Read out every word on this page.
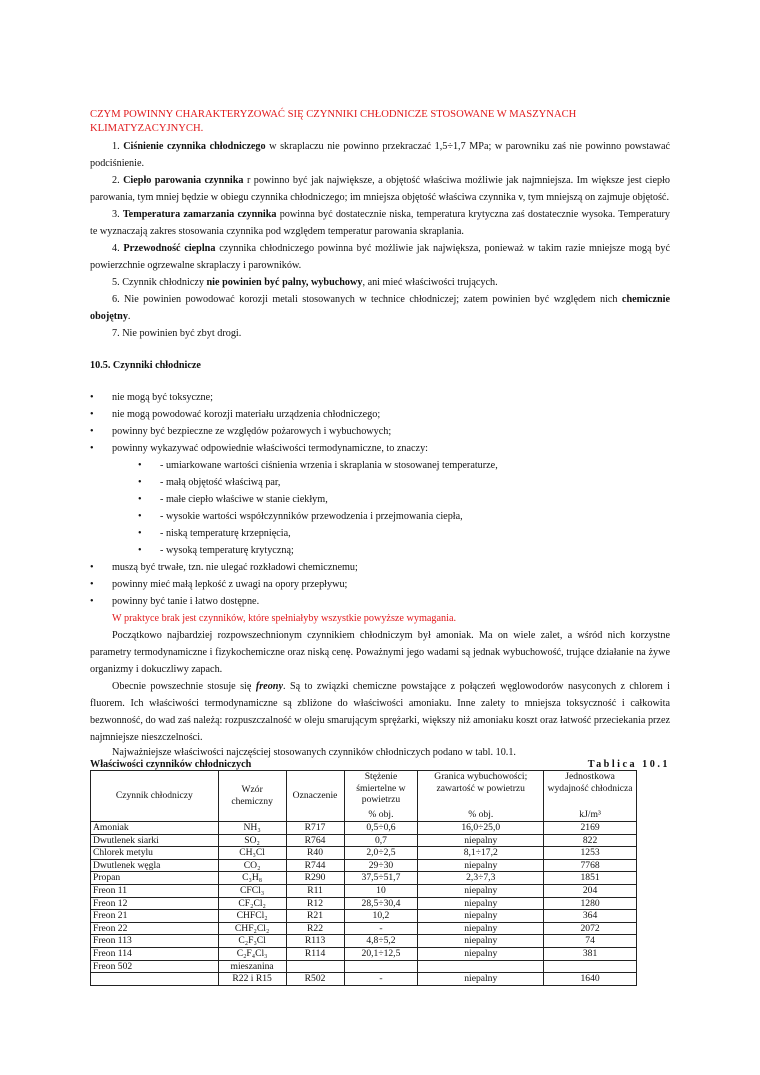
CZYM POWINNY CHARAKTERYZOWAĆ SIĘ CZYNNIKI CHŁODNICZE STOSOWANE W MASZYNACH KLIMATYZACYJNYCH.

1. Ciśnienie czynnika chłodniczego w skraplaczu nie powinno przekraczać 1,5÷1,7 MPa; w parowniku zaś nie powinno powstawać podciśnienie.

2. Ciepło parowania czynnika r powinno być jak największe, a objętość właściwa możliwie jak najmniejsza. Im większe jest ciepło parowania, tym mniej będzie w obiegu czynnika chłodniczego; im mniejsza objętość właściwa czynnika v, tym mniejszą on zajmuje objętość.

3. Temperatura zamarzania czynnika powinna być dostatecznie niska, temperatura krytyczna zaś dostatecznie wysoka. Temperatury te wyznaczają zakres stosowania czynnika pod względem temperatur parowania skraplania.

4. Przewodność cieplna czynnika chłodniczego powinna być możliwie jak największa, ponieważ w takim razie mniejsze mogą być powierzchnie ogrzewalne skraplaczy i parowników.

5. Czynnik chłodniczy nie powinien być palny, wybuchowy, ani mieć właściwości trujących.

6. Nie powinien powodować korozji metali stosowanych w technice chłodniczej; zatem powinien być względem nich chemicznie obojętny.

7. Nie powinien być zbyt drogi.

10.5. Czynniki chłodnicze
• nie mogą być toksyczne;
• nie mogą powodować korozji materiału urządzenia chłodniczego;
• powinny być bezpieczne ze względów pożarowych i wybuchowych;
• powinny wykazywać odpowiednie właściwości termodynamiczne, to znaczy:
• - umiarkowane wartości ciśnienia wrzenia i skraplania w stosowanej temperaturze,
• - małą objętość właściwą par,
• - małe ciepło właściwe w stanie ciekłym,
• - wysokie wartości współczynników przewodzenia i przejmowania ciepła,
• - niską temperaturę krzepnięcia,
• - wysoką temperaturę krytyczną;
• muszą być trwałe, tzn. nie ulegać rozkładowi chemicznemu;
• powinny mieć małą lepkość z uwagi na opory przepływu;
• powinny być tanie i łatwo dostępne.

W praktyce brak jest czynników, które spełniałyby wszystkie powyższe wymagania.

Początkowo najbardziej rozpowszechnionym czynnikiem chłodniczym był amoniak. Ma on wiele zalet, a wśród nich korzystne parametry termodynamiczne i fizykochemiczne oraz niską cenę. Poważnymi jego wadami są jednak wybuchowość, trujące działanie na żywe organizmy i dokuczliwy zapach.

Obecnie powszechnie stosuje się freony. Są to związki chemiczne powstające z połączeń węglowodorów nasyconych z chlorem i fluorem. Ich właściwości termodynamiczne są zbliżone do właściwości amoniaku. Inne zalety to mniejsza toksyczność i całkowita bezwonność, do wad zaś należą: rozpuszczalność w oleju smarującym sprężarki, większy niż amoniaku koszt oraz łatwość przeciekania przez najmniejsze nieszczelności.

Najważniejsze właściwości najczęściej stosowanych czynników chłodniczych podano w tabl. 10.1.

Właściwości czynników chłodniczych	Tablica 10.1
Czynnik chłodniczy	Wzór chemiczny	Oznaczenie	Stężenie śmiertelne w powietrzu	Granica wybuchowości; zawartość w powietrzu	Jednostkowa wydajność chłodnicza
			% obj.	% obj.	kJ/m³
Amoniak	NH₃	R717	0,5÷0,6	16,0÷25,0	2169
Dwutlenek siarki	SO₂	R764	0,7	niepalny	822
Chlorek metylu	CH₃Cl	R40	2,0÷2,5	8,1÷17,2	1253
Dwutlenek węgla	CO₂	R744	29÷30	niepalny	7768
Propan	C₃H₈	R290	37,5÷51,7	2,3÷7,3	1851
Freon 11	CFCl₃	R11	10	niepalny	204
Freon 12	CF₂Cl₂	R12	28,5÷30,4	niepalny	1280
Freon 21	CHFCl₂	R21	10,2	niepalny	364
Freon 22	CHF₂Cl₂	R22	-	niepalny	2072
Freon 113	C₂F₃Cl	R113	4,8÷5,2	niepalny	74
Freon 114	C₂F₄Cl₃	R114	20,1÷12,5	niepalny	381
Freon 502	mieszanina				
	R22 i R15	R502	-	niepalny	1640
